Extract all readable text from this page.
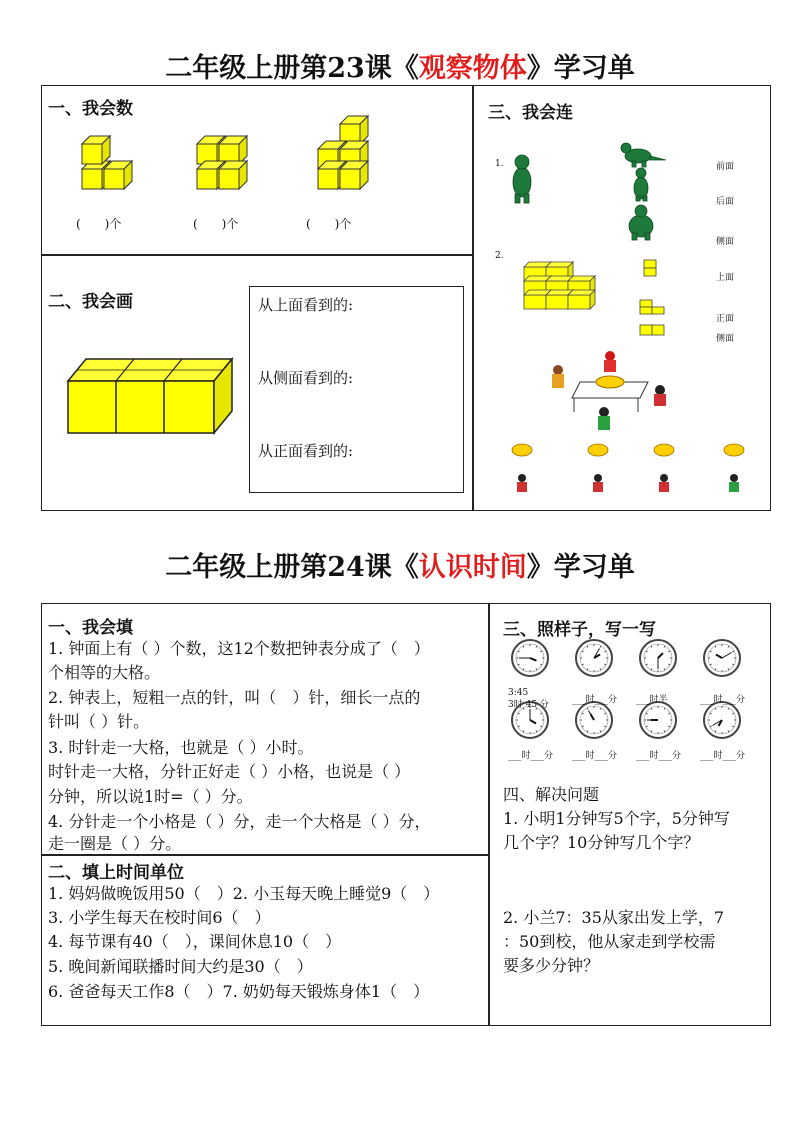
二年级上册第23课《观察物体》学习单
一、我会数
(　　)个	(　　)个	(　　)个
二、我会画	从上面看到的:
从侧面看到的:
从正面看到的:
三、我会连
1.
2.
前面
后面
侧面
上面
正面
侧面
二年级上册第24课《认识时间》学习单
一、我会填
1. 钟面上有（ ）个数，这12个数把钟表分成了（　）
个相等的大格。
2. 钟表上，短粗一点的针，叫（　）针，细长一点的
针叫（ ）针。
3. 时针走一大格，也就是（ ）小时。
时针走一大格，分针正好走（ ）小格，也说是（ ）
分钟，所以说1时=（ ）分。
4. 分针走一个小格是（ ）分，走一个大格是（ ）分，
走一圈是（ ）分。
二、填上时间单位
1. 妈妈做晚饭用50（　）2. 小玉每天晚上睡觉9（　）
3. 小学生每天在校时间6（　）
4. 每节课有40（　），课间休息10（　）
5. 晚间新闻联播时间大约是30（　）
6. 爸爸每天工作8（　）7. 奶奶每天锻炼身体1（　）
三、照样子，写一写
3:45
3时 45 分	___时___分 ___时半	___时___分
___时___分 ___时___分 ___时___分 ___时___分
四、解决问题
1. 小明1分钟写5个字，5分钟写
几个字？10分钟写几个字？
2. 小兰7：35从家出发上学，7
：50到校，他从家走到学校需
要多少分钟？
